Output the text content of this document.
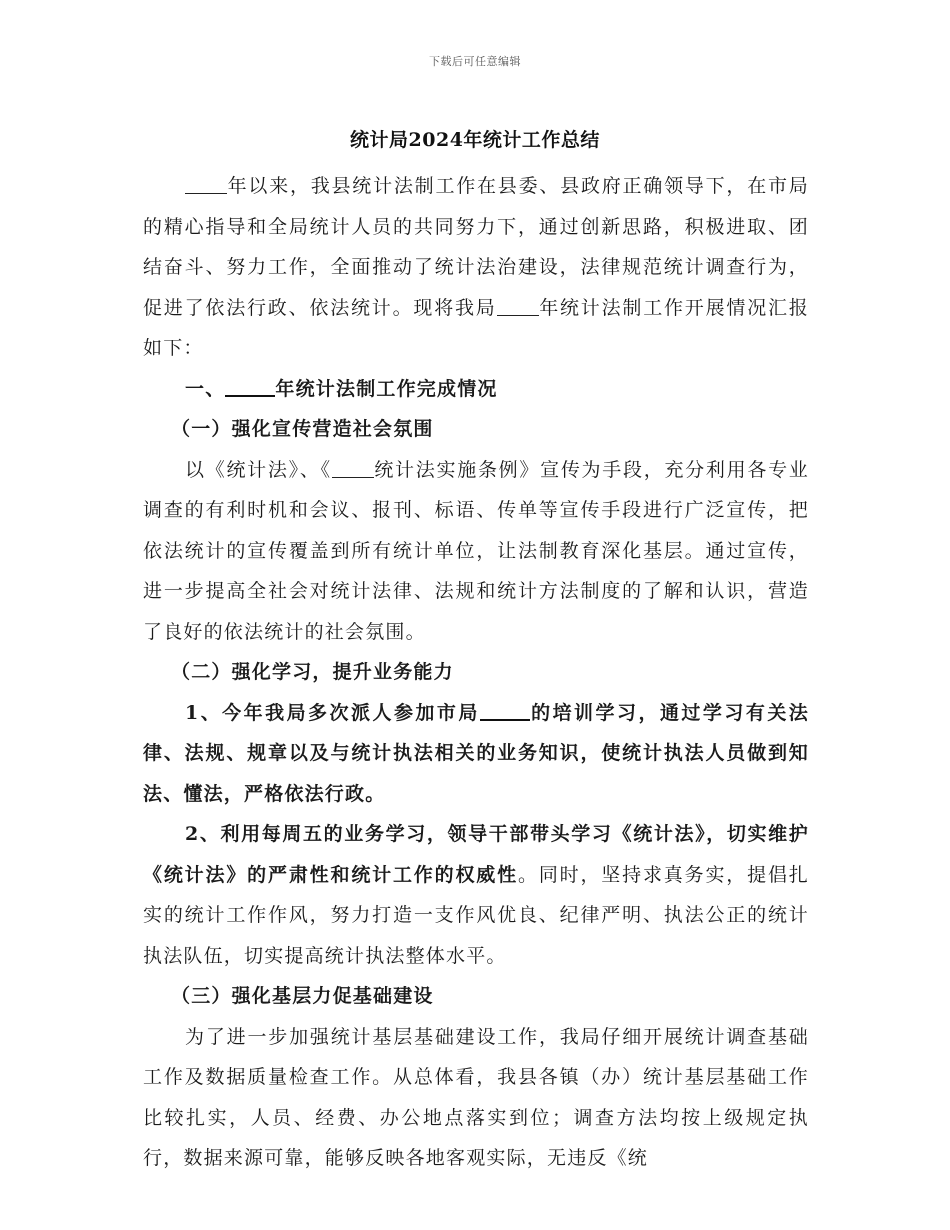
下载后可任意编辑
统计局2024年统计工作总结

年以来，我县统计法制工作在县委、县政府正确领导下，在市局的精心指导和全局统计人员的共同努力下，通过创新思路，积极进取、团结奋斗、努力工作，全面推动了统计法治建设，法律规范统计调查行为，促进了依法行政、依法统计。现将我局 年统计法制工作开展情况汇报如下：

一、	年统计法制工作完成情况

（一）强化宣传营造社会氛围

以《统计法》、《 统计法实施条例》宣传为手段，充分利用各专业调查的有利时机和会议、报刊、标语、传单等宣传手段进行广泛宣传，把依法统计的宣传覆盖到所有统计单位，让法制教育深化基层。通过宣传，进一步提高全社会对统计法律、法规和统计方法制度的了解和认识，营造了良好的依法统计的社会氛围。

（二）强化学习，提升业务能力

1、今年我局多次派人参加市局	的培训学习，通过学习有关法律、法规、规章以及与统计执法相关的业务知识，使统计执法人员做到知法、懂法，严格依法行政。

2、利用每周五的业务学习，领导干部带头学习《统计法》，切实维护《统计法》的严肃性和统计工作的权威性。同时，坚持求真务实，提倡扎实的统计工作作风，努力打造一支作风优良、纪律严明、执法公正的统计执法队伍，切实提高统计执法整体水平。

（三）强化基层力促基础建设

为了进一步加强统计基层基础建设工作，我局仔细开展统计调查基础工作及数据质量检查工作。从总体看，我县各镇（办）统计基层基础工作比较扎实，人员、经费、办公地点落实到位；调查方法均按上级规定执行，数据来源可靠，能够反映各地客观实际，无违反《统
